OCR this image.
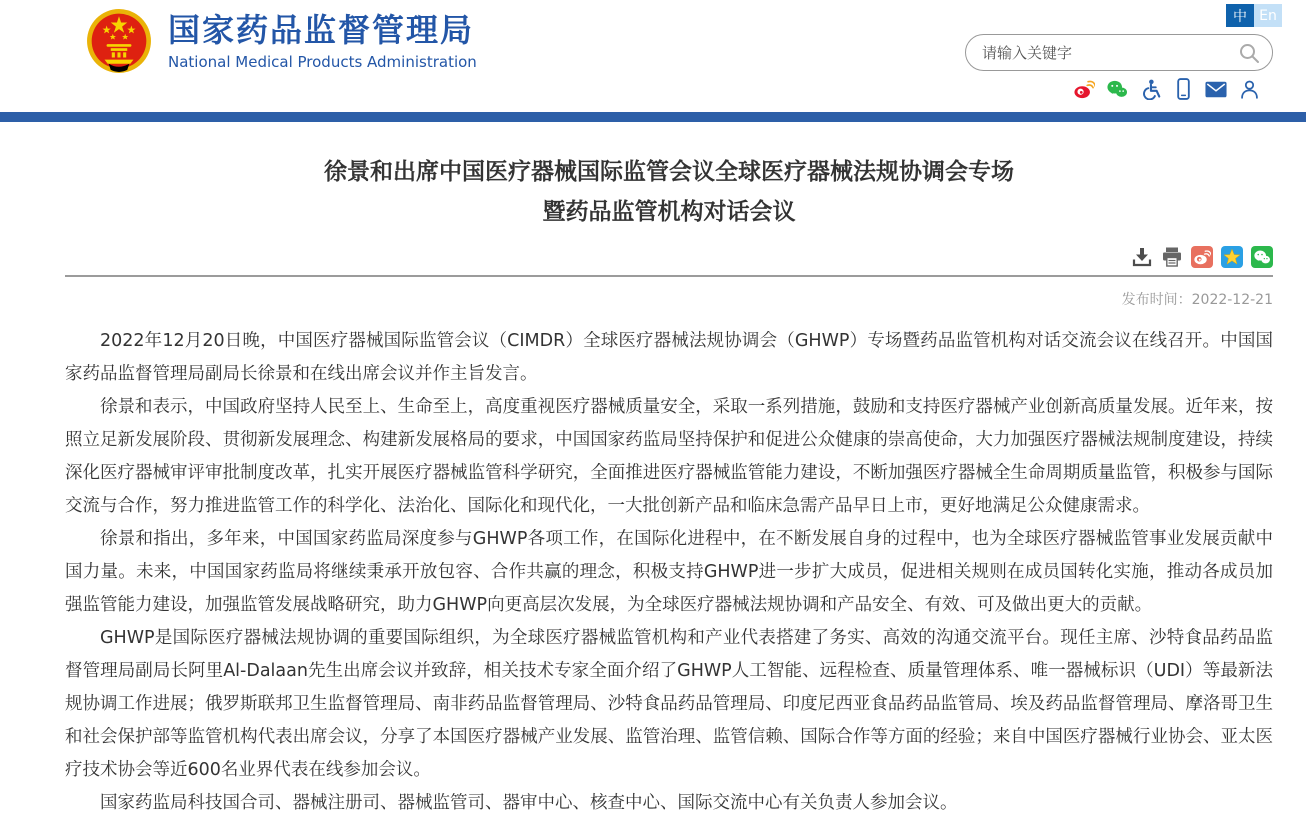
国家药品监督管理局
National Medical Products Administration
中 En
请输入关键字
徐景和出席中国医疗器械国际监管会议全球医疗器械法规协调会专场
暨药品监管机构对话会议
发布时间：2022-12-21

2022年12月20日晚，中国医疗器械国际监管会议（CIMDR）全球医疗器械法规协调会（GHWP）专场暨药品监管机构对话交流会议在线召开。中国国家药品监督管理局副局长徐景和在线出席会议并作主旨发言。

徐景和表示，中国政府坚持人民至上、生命至上，高度重视医疗器械质量安全，采取一系列措施，鼓励和支持医疗器械产业创新高质量发展。近年来，按照立足新发展阶段、贯彻新发展理念、构建新发展格局的要求，中国国家药监局坚持保护和促进公众健康的崇高使命，大力加强医疗器械法规制度建设，持续深化医疗器械审评审批制度改革，扎实开展医疗器械监管科学研究，全面推进医疗器械监管能力建设，不断加强医疗器械全生命周期质量监管，积极参与国际交流与合作，努力推进监管工作的科学化、法治化、国际化和现代化，一大批创新产品和临床急需产品早日上市，更好地满足公众健康需求。

徐景和指出，多年来，中国国家药监局深度参与GHWP各项工作，在国际化进程中，在不断发展自身的过程中，也为全球医疗器械监管事业发展贡献中国力量。未来，中国国家药监局将继续秉承开放包容、合作共赢的理念，积极支持GHWP进一步扩大成员，促进相关规则在成员国转化实施，推动各成员加强监管能力建设，加强监管发展战略研究，助力GHWP向更高层次发展，为全球医疗器械法规协调和产品安全、有效、可及做出更大的贡献。

GHWP是国际医疗器械法规协调的重要国际组织，为全球医疗器械监管机构和产业代表搭建了务实、高效的沟通交流平台。现任主席、沙特食品药品监督管理局副局长阿里Al-Dalaan先生出席会议并致辞，相关技术专家全面介绍了GHWP人工智能、远程检查、质量管理体系、唯一器械标识（UDI）等最新法规协调工作进展；俄罗斯联邦卫生监督管理局、南非药品监督管理局、沙特食品药品管理局、印度尼西亚食品药品监管局、埃及药品监督管理局、摩洛哥卫生和社会保护部等监管机构代表出席会议，分享了本国医疗器械产业发展、监管治理、监管信赖、国际合作等方面的经验；来自中国医疗器械行业协会、亚太医疗技术协会等近600名业界代表在线参加会议。

国家药监局科技国合司、器械注册司、器械监管司、器审中心、核查中心、国际交流中心有关负责人参加会议。
